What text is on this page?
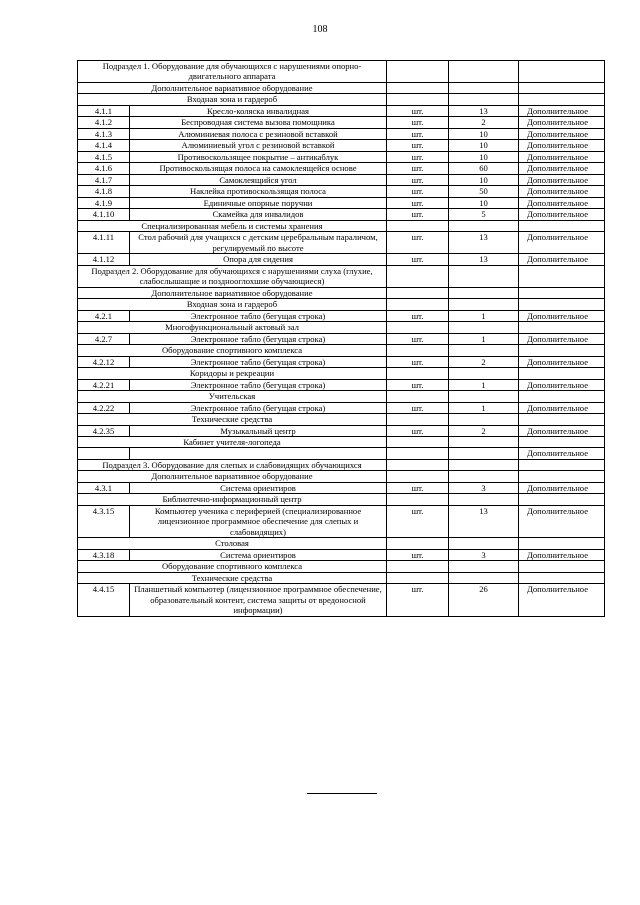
108
Подраздел 1. Оборудование для обучающихся с нарушениями опорно-двигательного аппарата				
Дополнительное вариативное оборудование				
Входная зона и гардероб				
4.1.1	Кресло-коляска инвалидная	шт.	13	Дополнительное
4.1.2	Беспроводная система вызова помощника	шт.	2	Дополнительное
4.1.3	Алюминиевая полоса с резиновой вставкой	шт.	10	Дополнительное
4.1.4	Алюминиевый угол с резиновой вставкой	шт.	10	Дополнительное
4.1.5	Противоскользящее покрытие – антикаблук	шт.	10	Дополнительное
4.1.6	Противоскользящая полоса на самоклеящейся основе	шт.	60	Дополнительное
4.1.7	Самоклеящийся угол	шт.	10	Дополнительное
4.1.8	Наклейка противоскользящая полоса	шт.	50	Дополнительное
4.1.9	Единичные опорные поручни	шт.	10	Дополнительное
4.1.10	Скамейка для инвалидов	шт.	5	Дополнительное
Специализированная мебель и системы хранения				
4.1.11	Стол рабочий для учащихся с детским церебральным параличом, регулируемый по высоте	шт.	13	Дополнительное
4.1.12	Опора для сидения	шт.	13	Дополнительное
Подраздел 2. Оборудование для обучающихся с нарушениями слуха (глухие, слабослышащие и позднооглохшие обучающиеся)				
Дополнительное вариативное оборудование				
Входная зона и гардероб				
4.2.1	Электронное табло (бегущая строка)	шт.	1	Дополнительное
Многофункциональный актовый зал				
4.2.7	Электронное табло (бегущая строка)	шт.	1	Дополнительное
Оборудование спортивного комплекса				
4.2.12	Электронное табло (бегущая строка)	шт.	2	Дополнительное
Коридоры и рекреации				
4.2.21	Электронное табло (бегущая строка)	шт.	1	Дополнительное
Учительская				
4.2.22	Электронное табло (бегущая строка)	шт.	1	Дополнительное
Технические средства				
4.2.35	Музыкальный центр	шт.	2	Дополнительное
Кабинет учителя-логопеда				
				Дополнительное
Подраздел 3. Оборудование для слепых и слабовидящих обучающихся				
Дополнительное вариативное оборудование				
4.3.1	Система ориентиров	шт.	3	Дополнительное
Библиотечно-информационный центр				
4.3.15	Компьютер ученика с периферией (специализированное лицензионное программное обеспечение для слепых и слабовидящих)	шт.	13	Дополнительное
Столовая				
4.3.18	Система ориентиров	шт.	3	Дополнительное
Оборудование спортивного комплекса				
Технические средства				
4.4.15	Планшетный компьютер (лицензионное программное обеспечение, образовательный контент, система защиты от вредоносной информации)	шт.	26	Дополнительное
